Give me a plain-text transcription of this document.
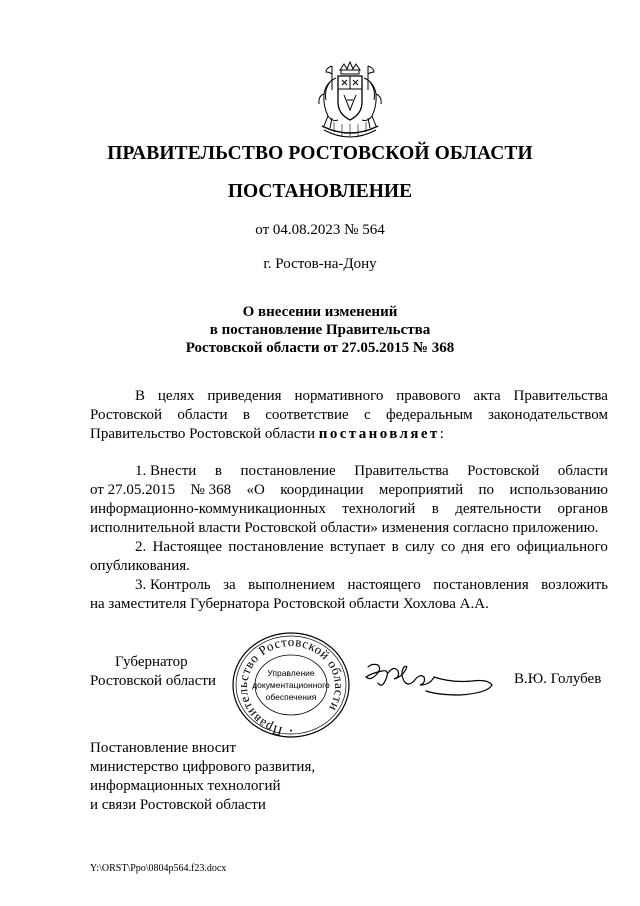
ПРАВИТЕЛЬСТВО РОСТОВСКОЙ ОБЛАСТИ
ПОСТАНОВЛЕНИЕ
от 04.08.2023 № 564
г. Ростов-на-Дону
О внесении изменений
в постановление Правительства
Ростовской области от 27.05.2015 № 368
В целях приведения нормативного правового акта Правительства
Ростовской области в соответствие с федеральным законодательством
Правительство Ростовской области постановляет:
1. Внести в постановление Правительства Ростовской области
от 27.05.2015 № 368 «О координации мероприятий по использованию
информационно-коммуникационных технологий в деятельности органов
исполнительной власти Ростовской области» изменения согласно приложению.
2. Настоящее постановление вступает в силу со дня его официального
опубликования.
3. Контроль за выполнением настоящего постановления возложить
на заместителя Губернатора Ростовской области Хохлова А.А.
Губернатор
Ростовской области
Правительство Ростовской области
Управление
документационного
обеспечения
•
В.Ю. Голубев
Постановление вносит
министерство цифрового развития,
информационных технологий
и связи Ростовской области
Y:\ORST\Ppo\0804p564.f23.docx
